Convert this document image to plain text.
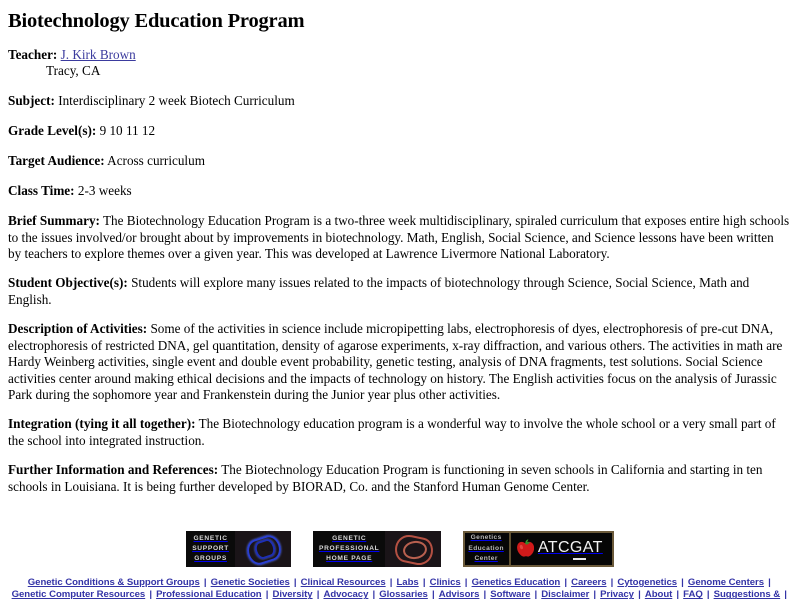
Biotechnology Education Program

Teacher: J. Kirk Brown
Tracy, CA

Subject: Interdisciplinary 2 week Biotech Curriculum

Grade Level(s): 9 10 11 12

Target Audience: Across curriculum

Class Time: 2-3 weeks

Brief Summary: The Biotechnology Education Program is a two-three week multidisciplinary, spiraled curriculum that exposes entire high schools to the issues involved/or brought about by improvements in biotechnology. Math, English, Social Science, and Science lessons have been written by teachers to explore themes over a given year. This was developed at Lawrence Livermore National Laboratory.

Student Objective(s): Students will explore many issues related to the impacts of biotechnology through Science, Social Science, Math and English.

Description of Activities: Some of the activities in science include micropipetting labs, electrophoresis of dyes, electrophoresis of pre-cut DNA, electrophoresis of restricted DNA, gel quantitation, density of agarose experiments, x-ray diffraction, and various others. The activities in math are Hardy Weinberg activities, single event and double event probability, genetic testing, analysis of DNA fragments, test solutions. Social Science activities center around making ethical decisions and the impacts of technology on history. The English activities focus on the analysis of Jurassic Park during the sophomore year and Frankenstein during the Junior year plus other activities.

Integration (tying it all together): The Biotechnology education program is a wonderful way to involve the whole school or a very small part of the school into integrated instruction.

Further Information and References: The Biotechnology Education Program is functioning in seven schools in California and starting in ten schools in Louisiana. It is being further developed by BIORAD, Co. and the Stanford Human Genome Center.

GENETIC
SUPPORT
GROUPS
GENETIC
PROFESSIONAL
HOME PAGE
Genetics
Education
Center
ATCGAT
Genetic Conditions & Support Groups | Genetic Societies | Clinical Resources | Labs | Clinics | Genetics Education | Careers | Cytogenetics | Genome Centers |
Genetic Computer Resources | Professional Education | Diversity | Advocacy | Glossaries | Advisors | Software | Disclaimer | Privacy | About | FAQ | Suggestions & |
